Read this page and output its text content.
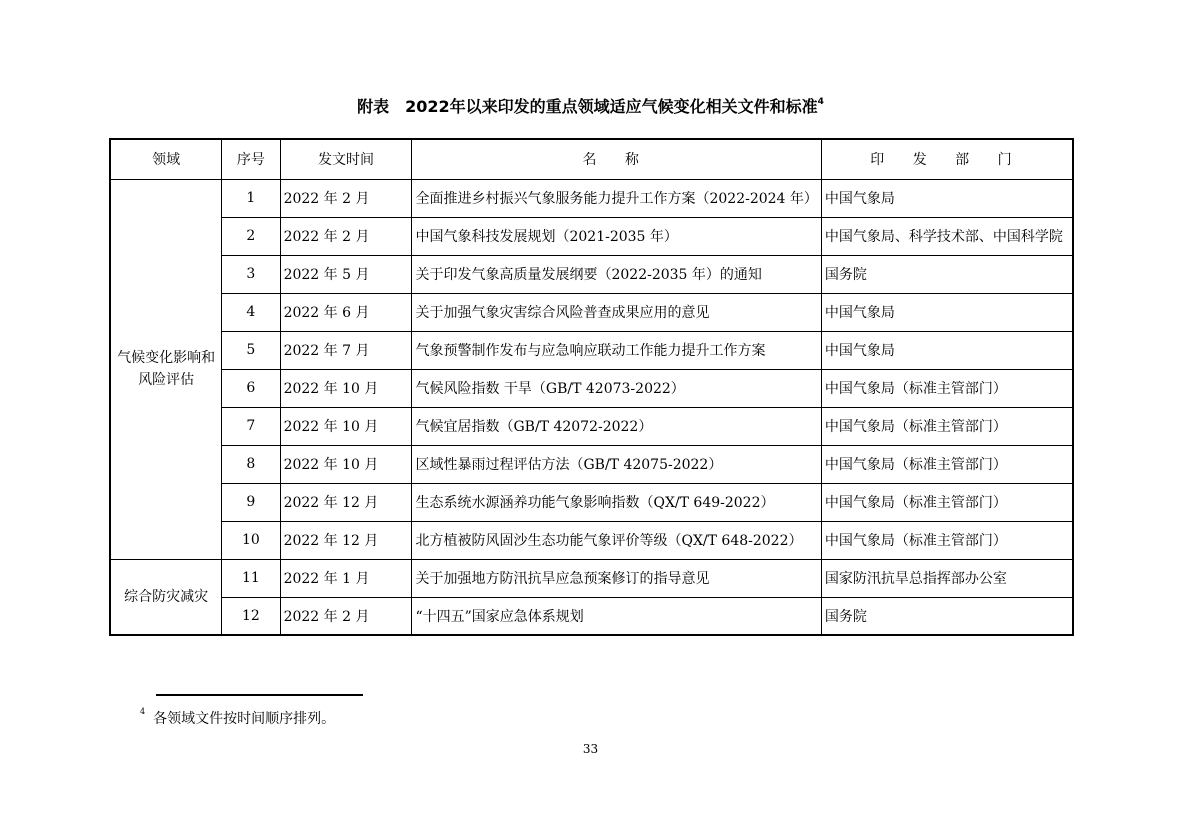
附表 2022年以来印发的重点领域适应气候变化相关文件和标准$^4$
领域	序号	发文时间	名 称	印 发 部 门
气候变化影响和风险评估	1	2022 年 2 月	全面推进乡村振兴气象服务能力提升工作方案（2022-2024 年）	中国气象局
	2	2022 年 2 月	中国气象科技发展规划（2021-2035 年）	中国气象局、科学技术部、中国科学院
	3	2022 年 5 月	关于印发气象高质量发展纲要（2022-2035 年）的通知	国务院
	4	2022 年 6 月	关于加强气象灾害综合风险普查成果应用的意见	中国气象局
	5	2022 年 7 月	气象预警制作发布与应急响应联动工作能力提升工作方案	中国气象局
	6	2022 年 10 月	气候风险指数 干旱（GB/T 42073-2022）	中国气象局（标准主管部门）
	7	2022 年 10 月	气候宜居指数（GB/T 42072-2022）	中国气象局（标准主管部门）
	8	2022 年 10 月	区域性暴雨过程评估方法（GB/T 42075-2022）	中国气象局（标准主管部门）
	9	2022 年 12 月	生态系统水源涵养功能气象影响指数（QX/T 649-2022）	中国气象局（标准主管部门）
	10	2022 年 12 月	北方植被防风固沙生态功能气象评价等级（QX/T 648-2022）	中国气象局（标准主管部门）
综合防灾减灾	11	2022 年 1 月	关于加强地方防汛抗旱应急预案修订的指导意见	国家防汛抗旱总指挥部办公室
	12	2022 年 2 月	“十四五”国家应急体系规划	国务院
$^4$ 各领域文件按时间顺序排列。
33
